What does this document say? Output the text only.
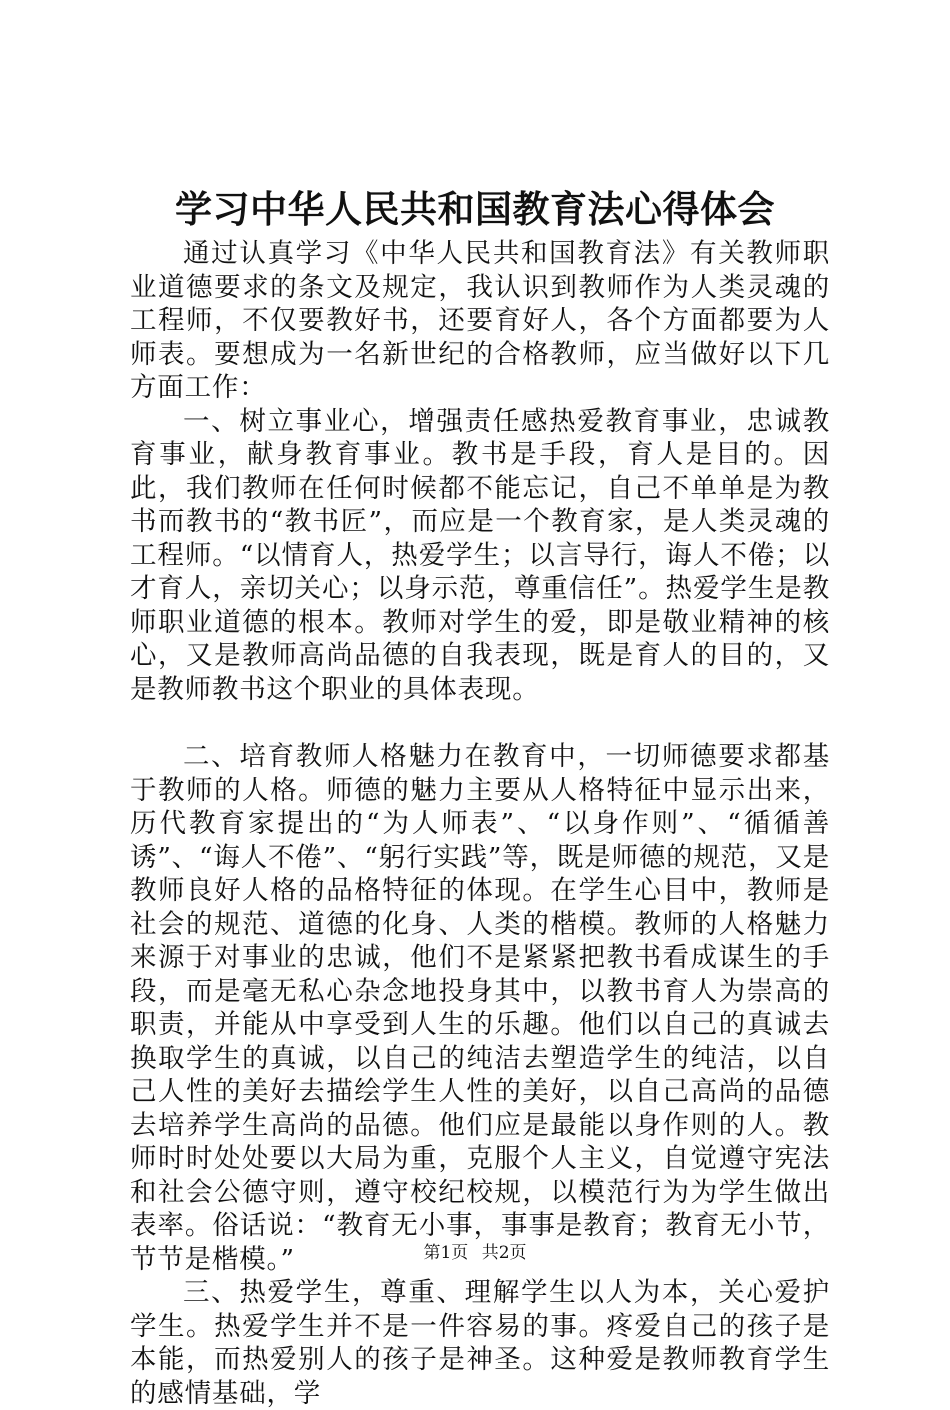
学习中华人民共和国教育法心得体会

通过认真学习《中华人民共和国教育法》有关教师职业道德要求的条文及规定，我认识到教师作为人类灵魂的工程师，不仅要教好书，还要育好人，各个方面都要为人师表。要想成为一名新世纪的合格教师，应当做好以下几方面工作：

一、树立事业心，增强责任感热爱教育事业，忠诚教育事业，献身教育事业。教书是手段，育人是目的。因此，我们教师在任何时候都不能忘记，自己不单单是为教书而教书的“教书匠”，而应是一个教育家，是人类灵魂的工程师。“以情育人，热爱学生；以言导行，诲人不倦；以才育人，亲切关心；以身示范，尊重信任”。热爱学生是教师职业道德的根本。教师对学生的爱，即是敬业精神的核心，又是教师高尚品德的自我表现，既是育人的目的，又是教师教书这个职业的具体表现。

二、培育教师人格魅力在教育中，一切师德要求都基于教师的人格。师德的魅力主要从人格特征中显示出来，历代教育家提出的“为人师表”、“以身作则”、“循循善诱”、“诲人不倦”、“躬行实践”等，既是师德的规范，又是教师良好人格的品格特征的体现。在学生心目中，教师是社会的规范、道德的化身、人类的楷模。教师的人格魅力来源于对事业的忠诚，他们不是紧紧把教书看成谋生的手段，而是毫无私心杂念地投身其中，以教书育人为崇高的职责，并能从中享受到人生的乐趣。他们以自己的真诚去换取学生的真诚，以自己的纯洁去塑造学生的纯洁，以自己人性的美好去描绘学生人性的美好，以自己高尚的品德去培养学生高尚的品德。他们应是最能以身作则的人。教师时时处处要以大局为重，克服个人主义，自觉遵守宪法和社会公德守则，遵守校纪校规，以模范行为为学生做出表率。俗话说：“教育无小事，事事是教育；教育无小节，节节是楷模。”

三、热爱学生，尊重、理解学生以人为本，关心爱护学生。热爱学生并不是一件容易的事。疼爱自己的孩子是本能，而热爱别人的孩子是神圣。这种爱是教师教育学生的感情基础，学

第1页 共2页
